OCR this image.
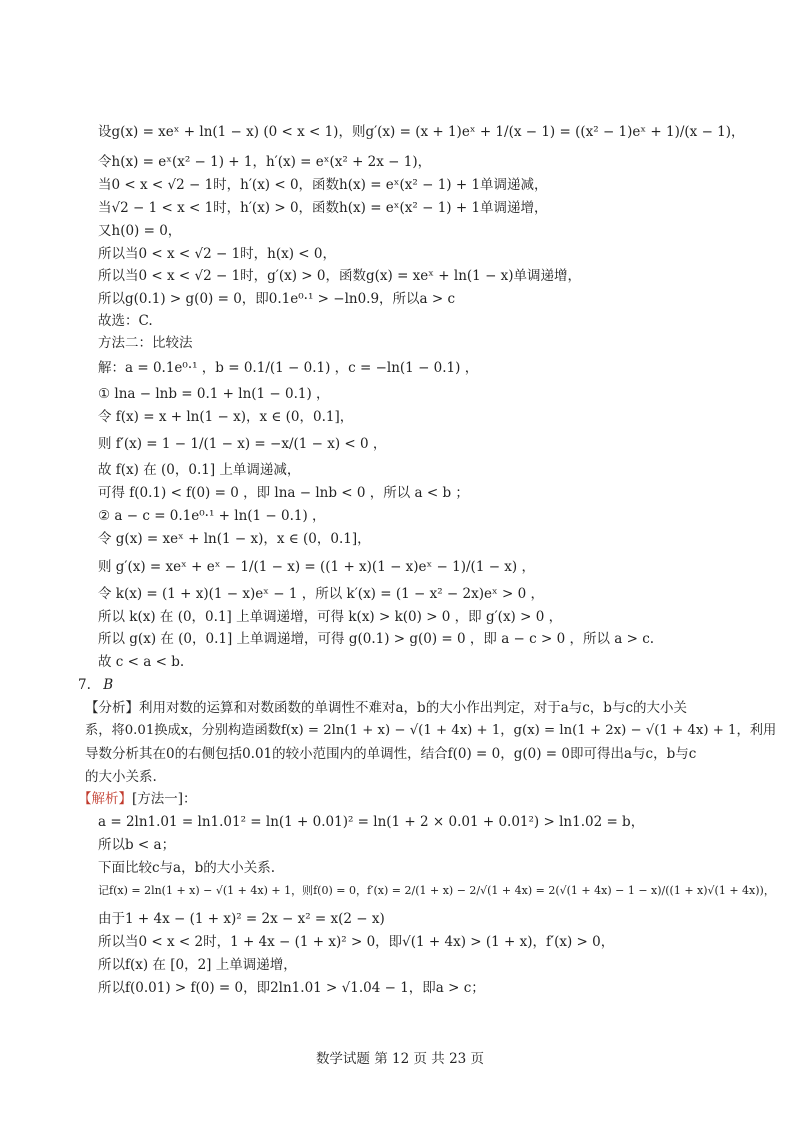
设g(x) = xeˣ + ln(1 − x) (0 < x < 1)，则g′(x) = (x + 1)eˣ + 1/(x − 1) = ((x² − 1)eˣ + 1)/(x − 1)，
令h(x) = eˣ(x² − 1) + 1，h′(x) = eˣ(x² + 2x − 1)，
当0 < x < √2 − 1时，h′(x) < 0，函数h(x) = eˣ(x² − 1) + 1单调递减，
当√2 − 1 < x < 1时，h′(x) > 0，函数h(x) = eˣ(x² − 1) + 1单调递增，
又h(0) = 0，
所以当0 < x < √2 − 1时，h(x) < 0，
所以当0 < x < √2 − 1时，g′(x) > 0，函数g(x) = xeˣ + ln(1 − x)单调递增，
所以g(0.1) > g(0) = 0，即0.1e⁰·¹ > −ln0.9，所以a > c
故选：C.
方法二：比较法
解：a = 0.1e⁰·¹ ，b = 0.1/(1 − 0.1) ，c = −ln(1 − 0.1) ，
① lna − lnb = 0.1 + ln(1 − 0.1) ，
令 f(x) = x + ln(1 − x)，x ∈ (0，0.1]，
则 f′(x) = 1 − 1/(1 − x) = −x/(1 − x) < 0 ，
故 f(x) 在 (0，0.1] 上单调递减，
可得 f(0.1) < f(0) = 0 ，即 lna − lnb < 0 ，所以 a < b ；
② a − c = 0.1e⁰·¹ + ln(1 − 0.1) ，
令 g(x) = xeˣ + ln(1 − x)，x ∈ (0，0.1]，
则 g′(x) = xeˣ + eˣ − 1/(1 − x) = ((1 + x)(1 − x)eˣ − 1)/(1 − x) ，
令 k(x) = (1 + x)(1 − x)eˣ − 1 ，所以 k′(x) = (1 − x² − 2x)eˣ > 0 ，
所以 k(x) 在 (0，0.1] 上单调递增，可得 k(x) > k(0) > 0 ，即 g′(x) > 0 ，
所以 g(x) 在 (0，0.1] 上单调递增，可得 g(0.1) > g(0) = 0 ，即 a − c > 0 ，所以 a > c.
故 c < a < b.
7. B
【分析】利用对数的运算和对数函数的单调性不难对a，b的大小作出判定，对于a与c，b与c的大小关
系，将0.01换成x，分别构造函数f(x) = 2ln(1 + x) − √(1 + 4x) + 1，g(x) = ln(1 + 2x) − √(1 + 4x) + 1，利用
导数分析其在0的右侧包括0.01的较小范围内的单调性，结合f(0) = 0，g(0) = 0即可得出a与c，b与c
的大小关系.
【解析】[方法一]：
a = 2ln1.01 = ln1.01² = ln(1 + 0.01)² = ln(1 + 2 × 0.01 + 0.01²) > ln1.02 = b，
所以b < a；
下面比较c与a，b的大小关系.
记f(x) = 2ln(1 + x) − √(1 + 4x) + 1，则f(0) = 0，f′(x) = 2/(1 + x) − 2/√(1 + 4x) = 2(√(1 + 4x) − 1 − x)/((1 + x)√(1 + 4x))，
由于1 + 4x − (1 + x)² = 2x − x² = x(2 − x)
所以当0 < x < 2时，1 + 4x − (1 + x)² > 0，即√(1 + 4x) > (1 + x)，f′(x) > 0，
所以f(x) 在 [0，2] 上单调递增，
所以f(0.01) > f(0) = 0，即2ln1.01 > √1.04 − 1，即a > c；
数学试题 第 12 页 共 23 页
